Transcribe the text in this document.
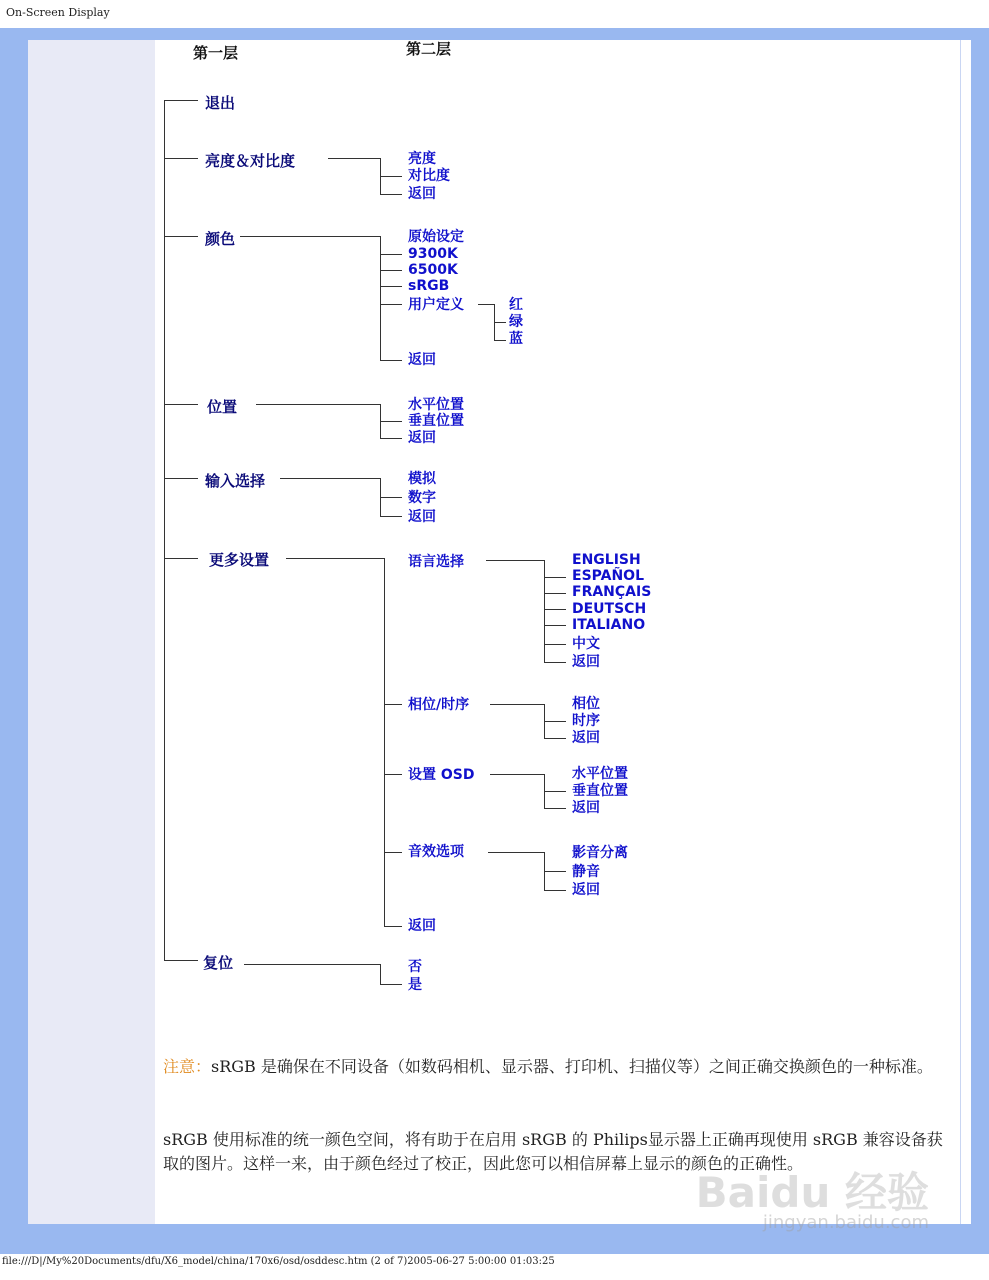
On-Screen Display
第一层	第二层
退出
亮度＆对比度
颜色
位置
输入选择
更多设置
复位
亮度
对比度
返回
原始设定
9300K
6500K
sRGB
用户定义
返回
红
绿
蓝
水平位置
垂直位置
返回
模拟
数字
返回
语言选择
相位/时序
设置 OSD
音效选项
返回
ENGLISH
ESPAÑOL
FRANÇAIS
DEUTSCH
ITALIANO
中文
返回
相位
时序
返回
水平位置
垂直位置
返回
影音分离
静音
返回
否
是
注意：sRGB 是确保在不同设备（如数码相机、显示器、打印机、扫描仪等）之间正确交换颜色的一种标准。
sRGB 使用标准的统一颜色空间，将有助于在启用 sRGB 的 Philips显示器上正确再现使用 sRGB 兼容设备获取的图片。这样一来，由于颜色经过了校正，因此您可以相信屏幕上显示的颜色的正确性。
Baidu 经验
jingyan.baidu.com
file:///D|/My%20Documents/dfu/X6_model/china/170x6/osd/osddesc.htm (2 of 7)2005-06-27 5:00:00 01:03:25
